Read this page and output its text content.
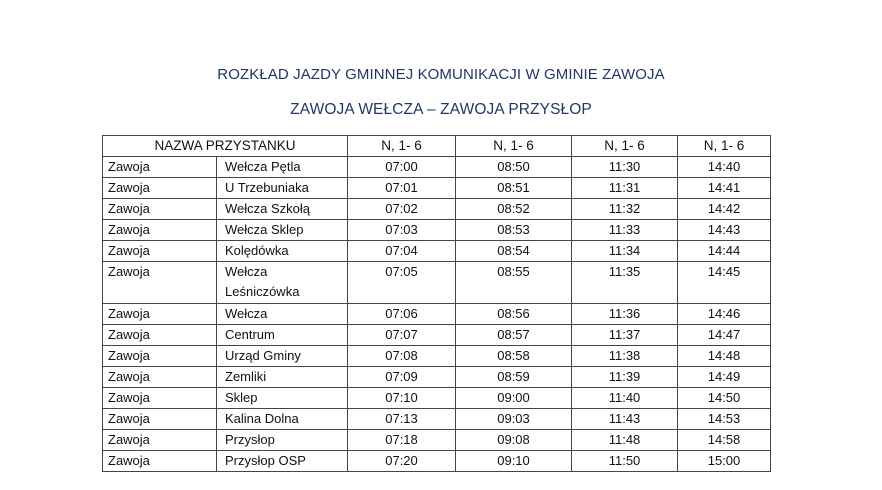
ROZKŁAD JAZDY GMINNEJ KOMUNIKACJI W GMINIE ZAWOJA
ZAWOJA WEŁCZA – ZAWOJA PRZYSŁOP
NAZWA PRZYSTANKU		N, 1- 6	N, 1- 6	N, 1- 6	N, 1- 6
Zawoja	Wełcza Pętla	07:00	08:50	11:30	14:40
Zawoja	U Trzebuniaka	07:01	08:51	11:31	14:41
Zawoja	Wełcza Szkołą	07:02	08:52	11:32	14:42
Zawoja	Wełcza Sklep	07:03	08:53	11:33	14:43
Zawoja	Kolędówka	07:04	08:54	11:34	14:44
Zawoja	Wełcza Leśniczówka	07:05	08:55	11:35	14:45
Zawoja	Wełcza	07:06	08:56	11:36	14:46
Zawoja	Centrum	07:07	08:57	11:37	14:47
Zawoja	Urząd Gminy	07:08	08:58	11:38	14:48
Zawoja	Zemliki	07:09	08:59	11:39	14:49
Zawoja	Sklep	07:10	09:00	11:40	14:50
Zawoja	Kalina Dolna	07:13	09:03	11:43	14:53
Zawoja	Przysłop	07:18	09:08	11:48	14:58
Zawoja	Przysłop OSP	07:20	09:10	11:50	15:00
